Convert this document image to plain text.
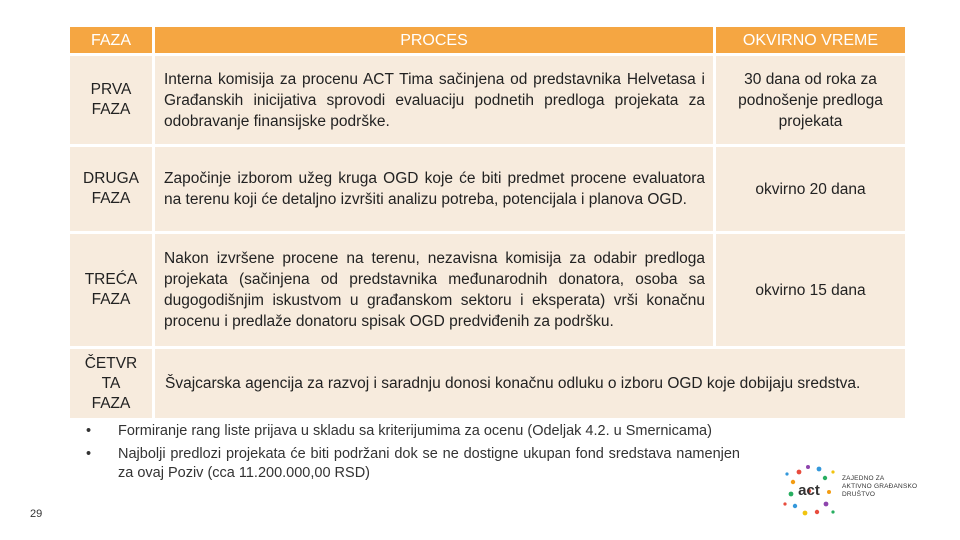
FAZA	PROCES	OKVIRNO VREME
PRVA
FAZA
Interna komisija za procenu ACT Tima sačinjena od predstavnika Helvetasa i Građanskih inicijativa sprovodi evaluaciju podnetih predloga projekata za odobravanje finansijske podrške.
30 dana od roka za podnošenje predloga projekata
DRUGA
FAZA
Započinje izborom užeg kruga OGD koje će biti predmet procene evaluatora na terenu koji će detaljno izvršiti analizu potreba, potencijala i planova OGD.
okvirno 20 dana
TREĆA
FAZA
Nakon izvršene procene na terenu, nezavisna komisija za odabir predloga projekata (sačinjena od predstavnika međunarodnih donatora, osoba sa dugogodišnjim iskustvom u građanskom sektoru i eksperata) vrši konačnu procenu i predlaže donatoru spisak OGD predviđenih za podršku.
okvirno 15 dana
ČETVR
TA
FAZA
Švajcarska agencija za razvoj i saradnju donosi konačnu odluku o izboru OGD koje dobijaju sredstva.
• Formiranje rang liste prijava u skladu sa kriterijumima za ocenu (Odeljak 4.2. u Smernicama)
• Najbolji predlozi projekata će biti podržani dok se ne dostigne ukupan fond sredstava namenjen za ovaj Poziv (cca 11.200.000,00 RSD)
29
act
ZAJEDNO ZA
AKTIVNO GRAĐANSKO
DRUŠTVO
